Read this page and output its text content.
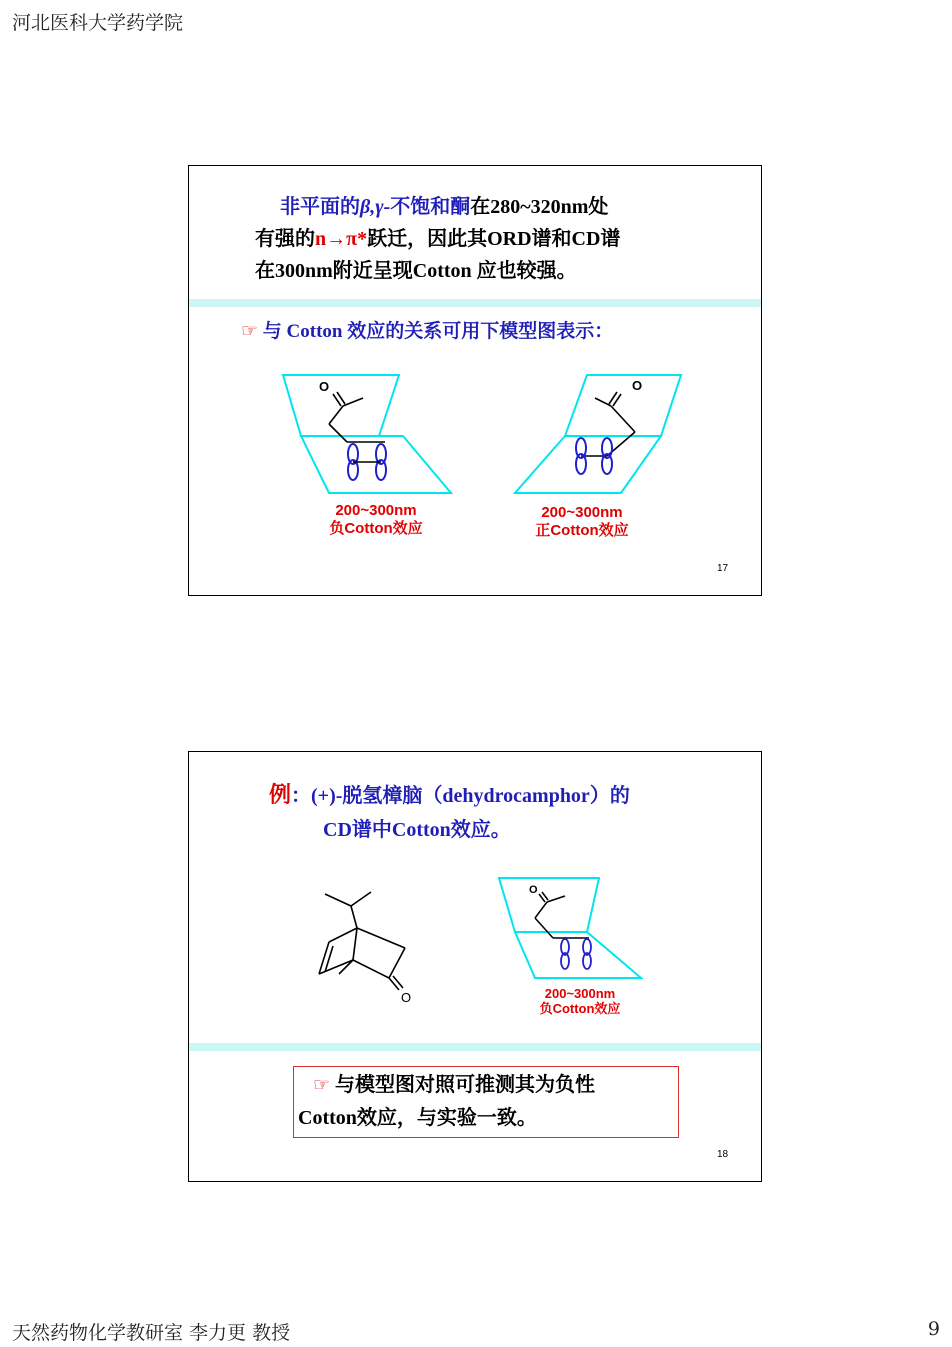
河北医科大学药学院
非平面的β,γ-不饱和酮在280~320nm处
有强的n→π*跃迁，因此其ORD谱和CD谱
在300nm附近呈现Cotton 应也较强。
☞ 与 Cotton 效应的关系可用下模型图表示：
O	O
200~300nm
负Cotton效应
200~300nm
正Cotton效应
17
例：(+)-脱氢樟脑（dehydrocamphor）的
CD谱中Cotton效应。
O
O
200~300nm
负Cotton效应
☞ 与模型图对照可推测其为负性
Cotton效应，与实验一致。
18
天然药物化学教研室 李力更 教授	9
